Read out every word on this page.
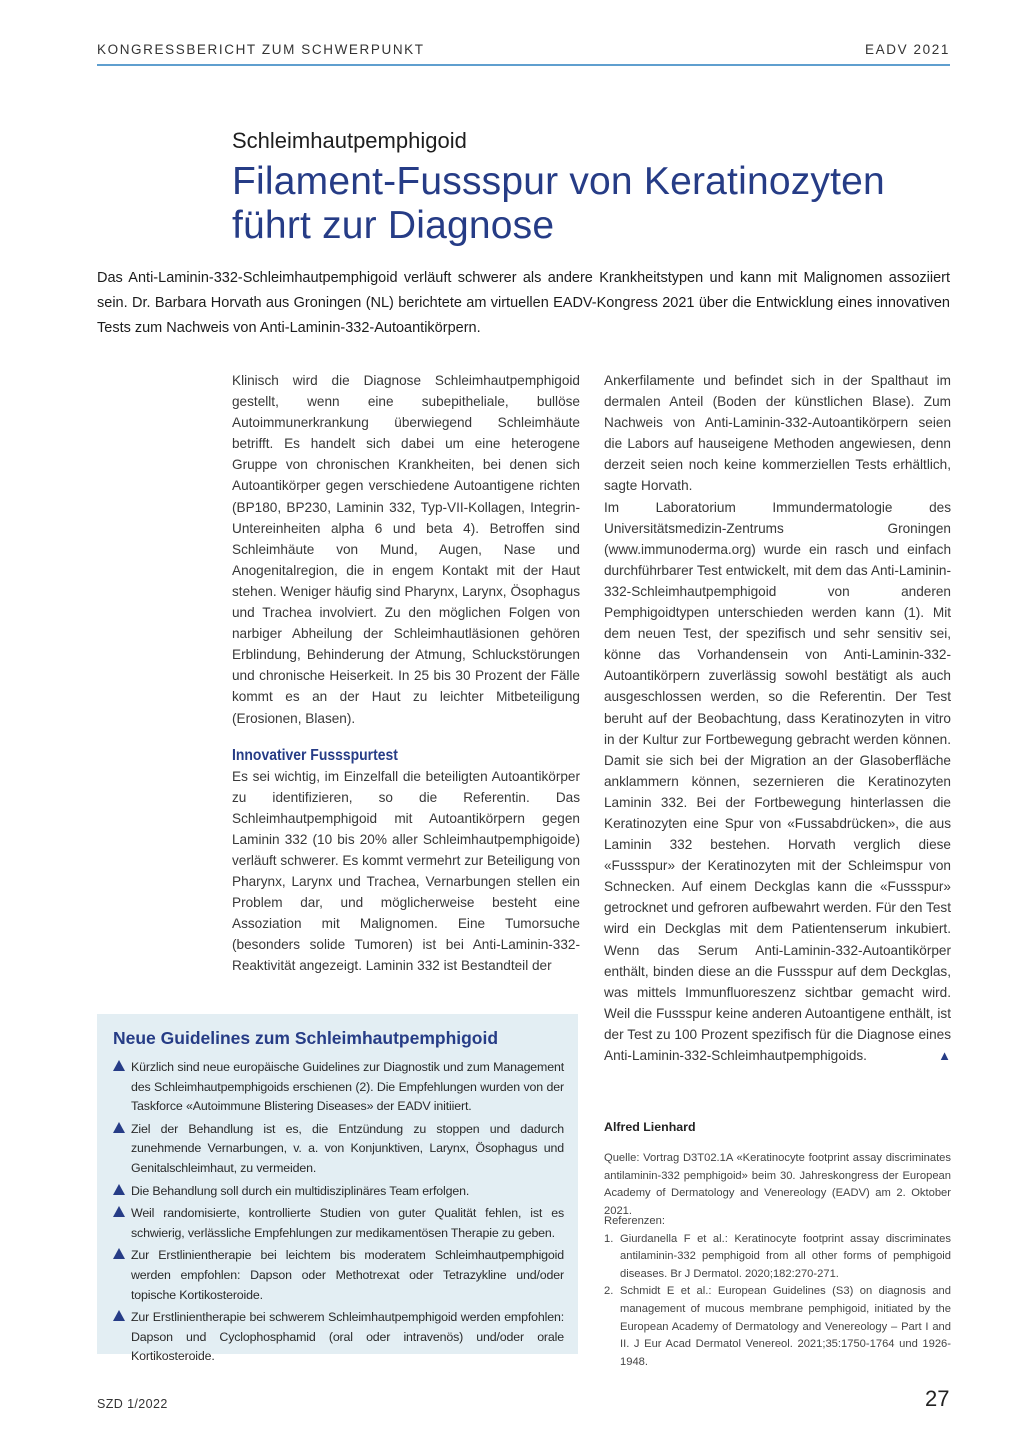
KONGRESSBERICHT ZUM SCHWERPUNKT	EADV 2021
Schleimhautpemphigoid
Filament-Fussspur von Keratinozyten führt zur Diagnose
Das Anti-Laminin-332-Schleimhautpemphigoid verläuft schwerer als andere Krankheitstypen und kann mit Malignomen assoziiert sein. Dr. Barbara Horvath aus Groningen (NL) berichtete am virtuellen EADV-Kongress 2021 über die Entwicklung eines innovativen Tests zum Nachweis von Anti-Laminin-332-Autoantikörpern.

Klinisch wird die Diagnose Schleimhautpemphigoid gestellt, wenn eine subepitheliale, bullöse Autoimmunerkrankung überwiegend Schleimhäute betrifft. Es handelt sich dabei um eine heterogene Gruppe von chronischen Krankheiten, bei denen sich Autoantikörper gegen verschiedene Autoantigene richten (BP180, BP230, Laminin 332, Typ-VII-Kollagen, Integrin-Untereinheiten alpha 6 und beta 4). Betroffen sind Schleimhäute von Mund, Augen, Nase und Anogenitalregion, die in engem Kontakt mit der Haut stehen. Weniger häufig sind Pharynx, Larynx, Ösophagus und Trachea involviert. Zu den möglichen Folgen von narbiger Abheilung der Schleimhautläsionen gehören Erblindung, Behinderung der Atmung, Schluckstörungen und chronische Heiserkeit. In 25 bis 30 Prozent der Fälle kommt es an der Haut zu leichter Mitbeteiligung (Erosionen, Blasen).

Innovativer Fussspurtest

Es sei wichtig, im Einzelfall die beteiligten Autoantikörper zu identifizieren, so die Referentin. Das Schleimhautpemphigoid mit Autoantikörpern gegen Laminin 332 (10 bis 20% aller Schleimhautpemphigoide) verläuft schwerer. Es kommt vermehrt zur Beteiligung von Pharynx, Larynx und Trachea, Vernarbungen stellen ein Problem dar, und möglicherweise besteht eine Assoziation mit Malignomen. Eine Tumorsuche (besonders solide Tumoren) ist bei Anti-Laminin-332-Reaktivität angezeigt. Laminin 332 ist Bestandteil der

Ankerfilamente und befindet sich in der Spalthaut im dermalen Anteil (Boden der künstlichen Blase). Zum Nachweis von Anti-Laminin-332-Autoantikörpern seien die Labors auf hauseigene Methoden angewiesen, denn derzeit seien noch keine kommerziellen Tests erhältlich, sagte Horvath.

Im Laboratorium Immundermatologie des Universitätsmedizin-Zentrums Groningen (www.immunoderma.org) wurde ein rasch und einfach durchführbarer Test entwickelt, mit dem das Anti-Laminin-332-Schleimhautpemphigoid von anderen Pemphigoidtypen unterschieden werden kann (1). Mit dem neuen Test, der spezifisch und sehr sensitiv sei, könne das Vorhandensein von Anti-Laminin-332-Autoantikörpern zuverlässig sowohl bestätigt als auch ausgeschlossen werden, so die Referentin. Der Test beruht auf der Beobachtung, dass Keratinozyten in vitro in der Kultur zur Fortbewegung gebracht werden können. Damit sie sich bei der Migration an der Glasoberfläche anklammern können, sezernieren die Keratinozyten Laminin 332. Bei der Fortbewegung hinterlassen die Keratinozyten eine Spur von «Fussabdrücken», die aus Laminin 332 bestehen. Horvath verglich diese «Fussspur» der Keratinozyten mit der Schleimspur von Schnecken. Auf einem Deckglas kann die «Fussspur» getrocknet und gefroren aufbewahrt werden. Für den Test wird ein Deckglas mit dem Patientenserum inkubiert. Wenn das Serum Anti-Laminin-332-Autoantikörper enthält, binden diese an die Fussspur auf dem Deckglas, was mittels Immunfluoreszenz sichtbar gemacht wird. Weil die Fussspur keine anderen Autoantigene enthält, ist der Test zu 100 Prozent spezifisch für die Diagnose eines Anti-Laminin-332-Schleimhautpemphigoids.	▲

Neue Guidelines zum Schleimhautpemphigoid
Kürzlich sind neue europäische Guidelines zur Diagnostik und zum Management des Schleimhautpemphigoids erschienen (2). Die Empfehlungen wurden von der Taskforce «Autoimmune Blistering Diseases» der EADV initiiert.
Ziel der Behandlung ist es, die Entzündung zu stoppen und dadurch zunehmende Vernarbungen, v. a. von Konjunktiven, Larynx, Ösophagus und Genitalschleimhaut, zu vermeiden.
Die Behandlung soll durch ein multidisziplinäres Team erfolgen.
Weil randomisierte, kontrollierte Studien von guter Qualität fehlen, ist es schwierig, verlässliche Empfehlungen zur medikamentösen Therapie zu geben.
Zur Erstlinientherapie bei leichtem bis moderatem Schleimhautpemphigoid werden empfohlen: Dapson oder Methotrexat oder Tetrazykline und/oder topische Kortikosteroide.
Zur Erstlinientherapie bei schwerem Schleimhautpemphigoid werden empfohlen: Dapson und Cyclophosphamid (oral oder intravenös) und/oder orale Kortikosteroide.
Alfred Lienhard
Quelle: Vortrag D3T02.1A «Keratinocyte footprint assay discriminates antilaminin-332 pemphigoid» beim 30. Jahreskongress der European Academy of Dermatology and Venereology (EADV) am 2. Oktober 2021.

Referenzen:

1. Giurdanella F et al.: Keratinocyte footprint assay discriminates antilaminin-332 pemphigoid from all other forms of pemphigoid diseases. Br J Dermatol. 2020;182:270-271.
2. Schmidt E et al.: European Guidelines (S3) on diagnosis and management of mucous membrane pemphigoid, initiated by the European Academy of Dermatology and Venereology – Part I and II. J Eur Acad Dermatol Venereol. 2021;35:1750-1764 und 1926-1948.
SZD 1/2022	27
